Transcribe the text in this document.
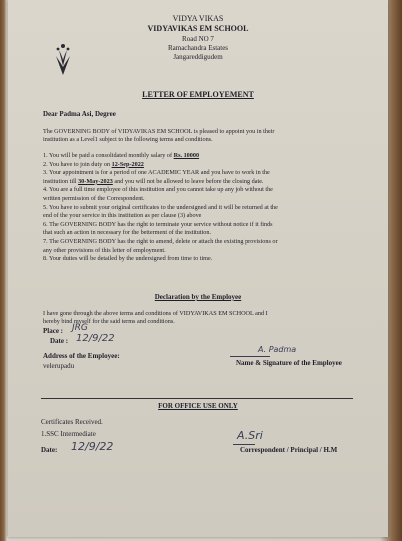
VIDYA VIKAS
VIDYAVIKAS EM SCHOOL
Road NO 7
Ramachandra Estates
Jangareddigudem
LETTER OF EMPLOYEMENT
Dear Padma Asi, Degree
The GOVERNING BODY of VIDYAVIKAS EM SCHOOL is pleased to appoint you in their
institution as a Level1 subject to the following terms and conditions.
Declaration by the Employee
I have gone through the above terms and conditions of VIDYAVIKAS EM SCHOOL and I
hereby bind myself for the said terms and conditions.
Place : JRG
Date : 12/9/22
A. Padma
Address of the Employee:
Name & Signature of the Employee
velerupadu
FOR OFFICE USE ONLY
Certificates Received.
1.SSC Intermediate
Date: 12/9/22
A.Sri
Correspondent / Principal / H.M
1. You will be paid a consolidated monthly salary of Rs. 10000
2. You have to join duty on 12-Sep-2022
3. Your appointment is for a period of one ACADEMIC YEAR and you have to work in the
institution till 30-May-2023 and you will not be allowed to leave before the closing date.
4. You are a full time employee of this institution and you cannot take up any job without the
written permission of the Correspondent.
5. You have to submit your original certificates to the undersigned and it will be returned at the
end of the your service in this institution as per clause (3) above
6. The GOVERNING BODY has the right to terminate your service without notice if it finds
that such an action in necessary for the betterment of the institution.
7. The GOVERNING BODY has the right to amend, delete or attach the existing provisions or
any other provisions of this letter of employment.
8. Your duties will be detailed by the undersigned from time to time.
